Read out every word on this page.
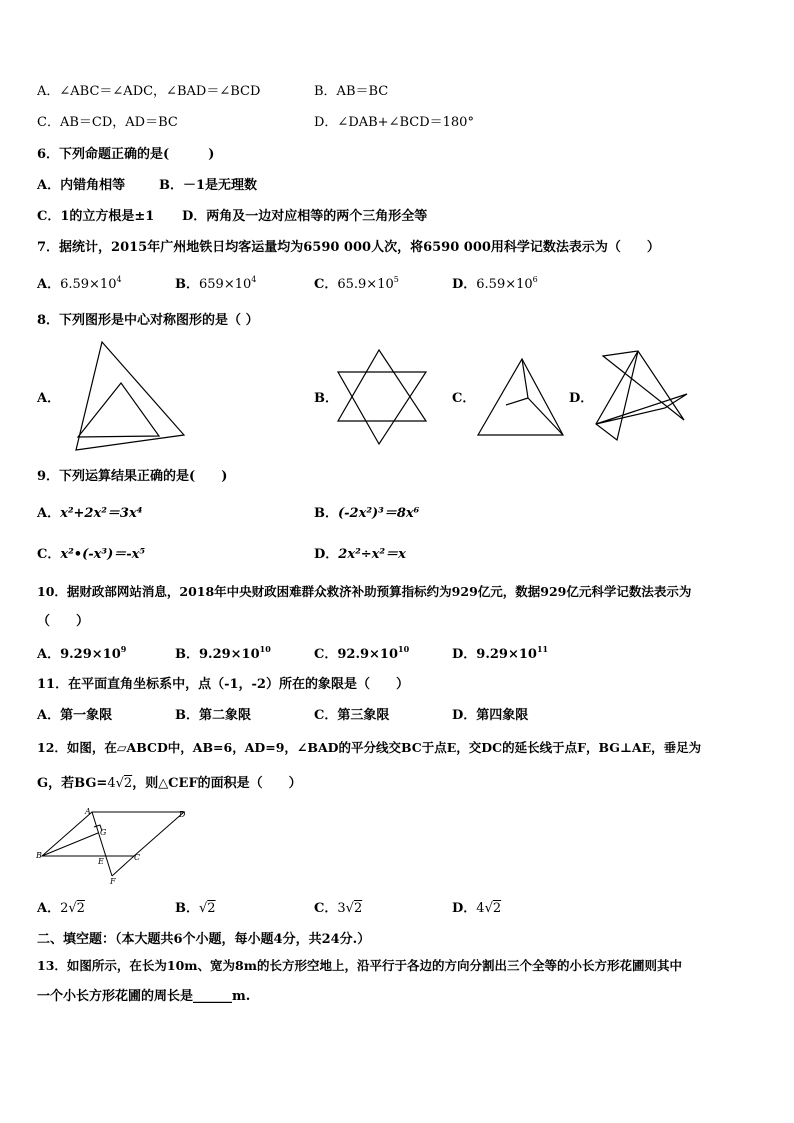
A．∠ABC＝∠ADC，∠BAD＝∠BCD	B．AB＝BC
C．AB＝CD，AD＝BC	D．∠DAB+∠BCD＝180°
6．下列命题正确的是(　　　)
A．内错角相等	B．－1是无理数
C．1的立方根是±1 D．两角及一边对应相等的两个三角形全等
7．据统计，2015年广州地铁日均客运量均为6590 000人次，将6590 000用科学记数法表示为（　　）
A．$6.59\times 10^4$	B．$659\times 10^4$	C．$65.9\times 10^5$	D．$6.59\times 10^6$
8．下列图形是中心对称图形的是（ ）
A．	B．	C．	D．
9．下列运算结果正确的是(　　)
A．x²+2x²＝3x⁴	B．(-2x²)³＝8x⁶
C．x²•(-x³)＝-x⁵	D．2x²÷x²＝x
10．据财政部网站消息，2018年中央财政困难群众救济补助预算指标约为929亿元，数据929亿元科学记数法表示为
（　　）
A．$9.29\times 10^9$	B．$9.29\times 10^{10}$	C．$92.9\times 10^{10}$	D．$9.29\times 10^{11}$
11．在平面直角坐标系中，点（-1，-2）所在的象限是（　　）
A．第一象限	B．第二象限	C．第三象限	D．第四象限
12．如图，在▱ABCD中，AB=6，AD=9，∠BAD的平分线交BC于点E，交DC的延长线于点F，BG⊥AE，垂足为
G，若BG=4√2，则△CEF的面积是（　　）
A	D
G
B
E	C
F
A．2√2	B．√2	C．3√2	D．4√2
二、填空题：（本大题共6个小题，每小题4分，共24分.）
13．如图所示，在长为10m、宽为8m的长方形空地上，沿平行于各边的方向分割出三个全等的小长方形花圃则其中
一个小长方形花圃的周长是______m.
